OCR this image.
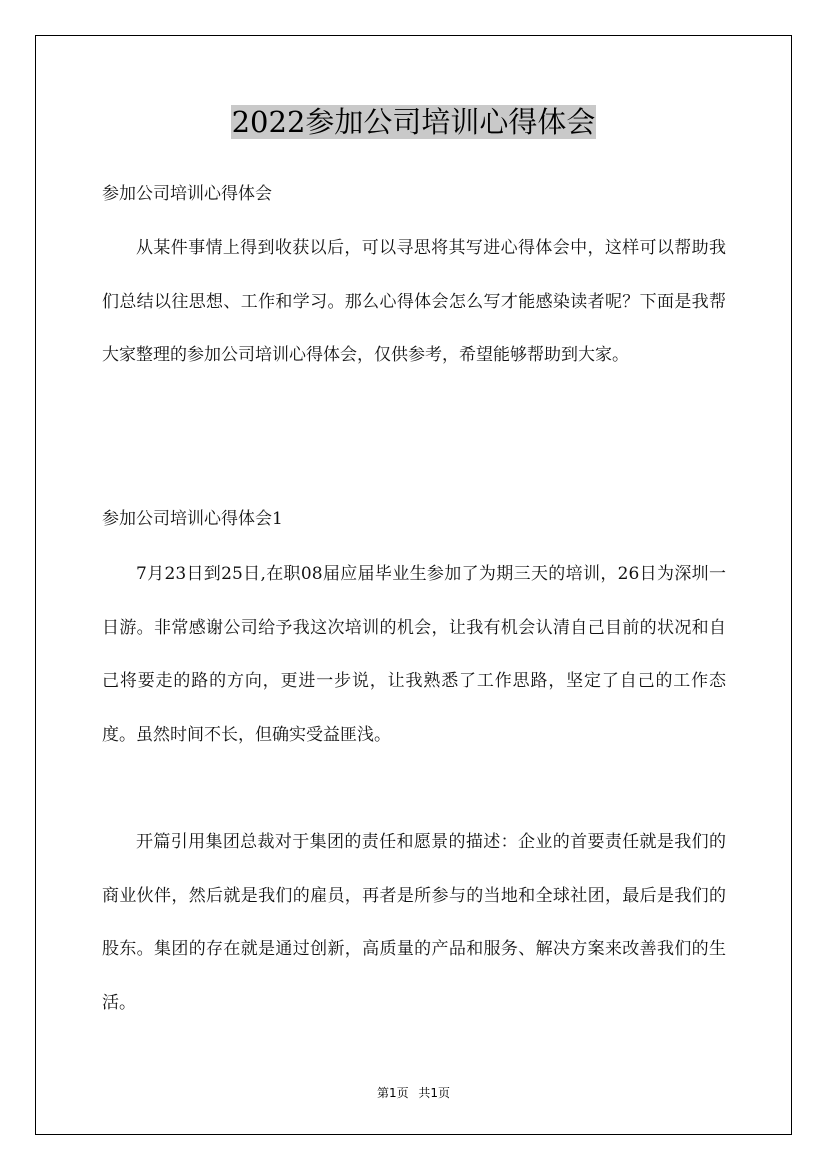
2022参加公司培训心得体会
参加公司培训心得体会
从某件事情上得到收获以后，可以寻思将其写进心得体会中，这样可以帮助我们总结以往思想、工作和学习。那么心得体会怎么写才能感染读者呢？下面是我帮大家整理的参加公司培训心得体会，仅供参考，希望能够帮助到大家。
参加公司培训心得体会1
7月23日到25日,在职08届应届毕业生参加了为期三天的培训，26日为深圳一日游。非常感谢公司给予我这次培训的机会，让我有机会认清自己目前的状况和自己将要走的路的方向，更进一步说，让我熟悉了工作思路，坚定了自己的工作态度。虽然时间不长，但确实受益匪浅。
开篇引用集团总裁对于集团的责任和愿景的描述：企业的首要责任就是我们的商业伙伴，然后就是我们的雇员，再者是所参与的当地和全球社团，最后是我们的股东。集团的存在就是通过创新，高质量的产品和服务、解决方案来改善我们的生活。
第1页 共1页
